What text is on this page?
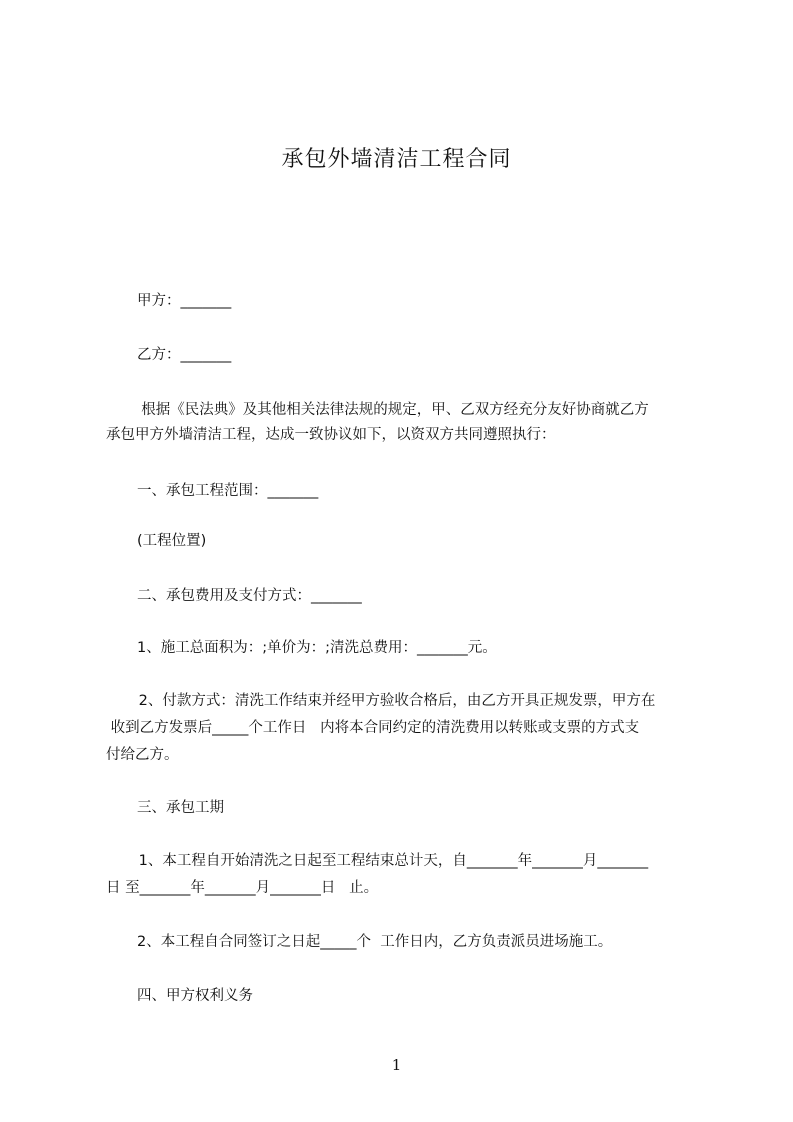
承包外墙清洁工程合同
甲方：_______
乙方：_______
根据《民法典》及其他相关法律法规的规定，甲、乙双方经充分友好协商就乙方
承包甲方外墙清洁工程，达成一致协议如下，以资双方共同遵照执行：
一、承包工程范围：_______
(工程位置)
二、承包费用及支付方式：_______
1、施工总面积为：;单价为：;清洗总费用：_______元。
2、付款方式：清洗工作结束并经甲方验收合格后，由乙方开具正规发票，甲方在
收到乙方发票后_____个工作日   内将本合同约定的清洗费用以转账或支票的方式支
付给乙方。
三、承包工期
1、本工程自开始清洗之日起至工程结束总计天，自_______年_______月_______
日 至_______年_______月_______日   止。
2、本工程自合同签订之日起_____个  工作日内，乙方负责派员进场施工。
四、甲方权利义务
1
